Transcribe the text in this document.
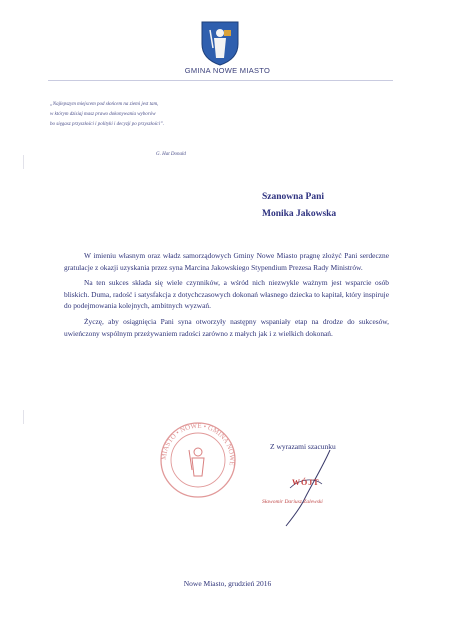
GMINA NOWE MIASTO
„Najlepszym miejscem pod słońcem na ziemi jest tam,
w którym dzisiaj masz prawo dokonywania wyborów
bo sięgasz przyszłości i polityki i decyzji po przyszłości”.
G. Hat Donald
Szanowna Pani
Monika Jakowska

W imieniu własnym oraz władz samorządowych Gminy Nowe Miasto pragnę złożyć Pani serdeczne gratulacje z okazji uzyskania przez syna Marcina Jakowskiego Stypendium Prezesa Rady Ministrów.

Na ten sukces składa się wiele czynników, a wśród nich niezwykle ważnym jest wsparcie osób bliskich. Duma, radość i satysfakcja z dotychczasowych dokonań własnego dziecka to kapitał, który inspiruje do podejmowania kolejnych, ambitnych wyzwań.

Życzę, aby osiągnięcia Pani syna otworzyły następny wspaniały etap na drodze do sukcesów, uwieńczony wspólnym przeżywaniem radości zarówno z małych jak i z wielkich dokonań.

MIASTO • NOWE • GMINA NOWE
Z wyrazami szacunku
WÓJT
Sławomir Dariusz Zalewski
Nowe Miasto, grudzień 2016
